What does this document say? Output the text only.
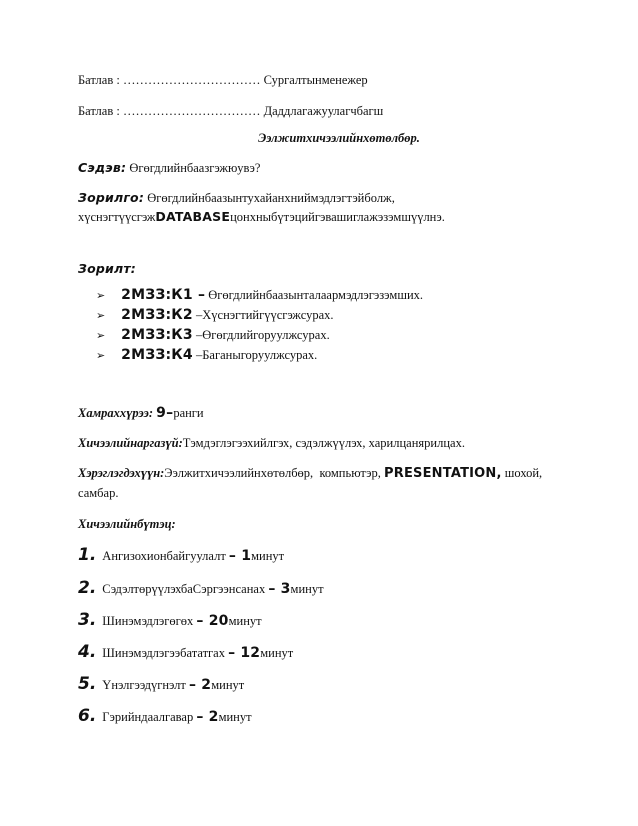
Батлав : …………………………… Сургалтынменежер
Батлав : …………………………… Даддлагажуулагчбагш
Ээлжитхичээлийнхөтөлбөр.
Сэдэв: Өгөгдлийнбаазгэжюувэ?
Зорилго: Өгөгдлийнбаазынтухайанхниймэдлэгтэйболж,
хүснэгтүүсгэжDATABASEцонхныбүтэцийгэвашиглажэзэмшүүлнэ.
Зорилт:
➢ 2МЗЗ:К1 – Өгөгдлийнбаазынталаармэдлэгэзэмших.
➢ 2МЗЗ:К2 –Хүснэгтийгүүсгэжсурах.
➢ 2МЗЗ:К3 –Өгөгдлийгоруулжсурах.
➢ 2МЗЗ:К4 –Баганыгоруулжсурах.
Хамраххүрээ: 9–ранги
Хичээлийнаргазүй:Тэмдэглэгээхийлгэх, сэдэлжүүлэх, харилцанярилцах.
Хэрэглэгдэхүүн:Ээлжитхичээлийнхөтөлбөр, компьютэр, PRESENTATION, шохой,
самбар.
Хичээлийнбүтэц:
1. Ангизохионбайгуулалт – 1минут
2. СэдэлтөрүүлэхбаСэргээнсанах – 3минут
3. Шинэмэдлэгөгөх – 20минут
4. Шинэмэдлэгээбататгах – 12минут
5. Үнэлгээдүгнэлт – 2минут
6. Гэрийндаалгавар – 2минут
